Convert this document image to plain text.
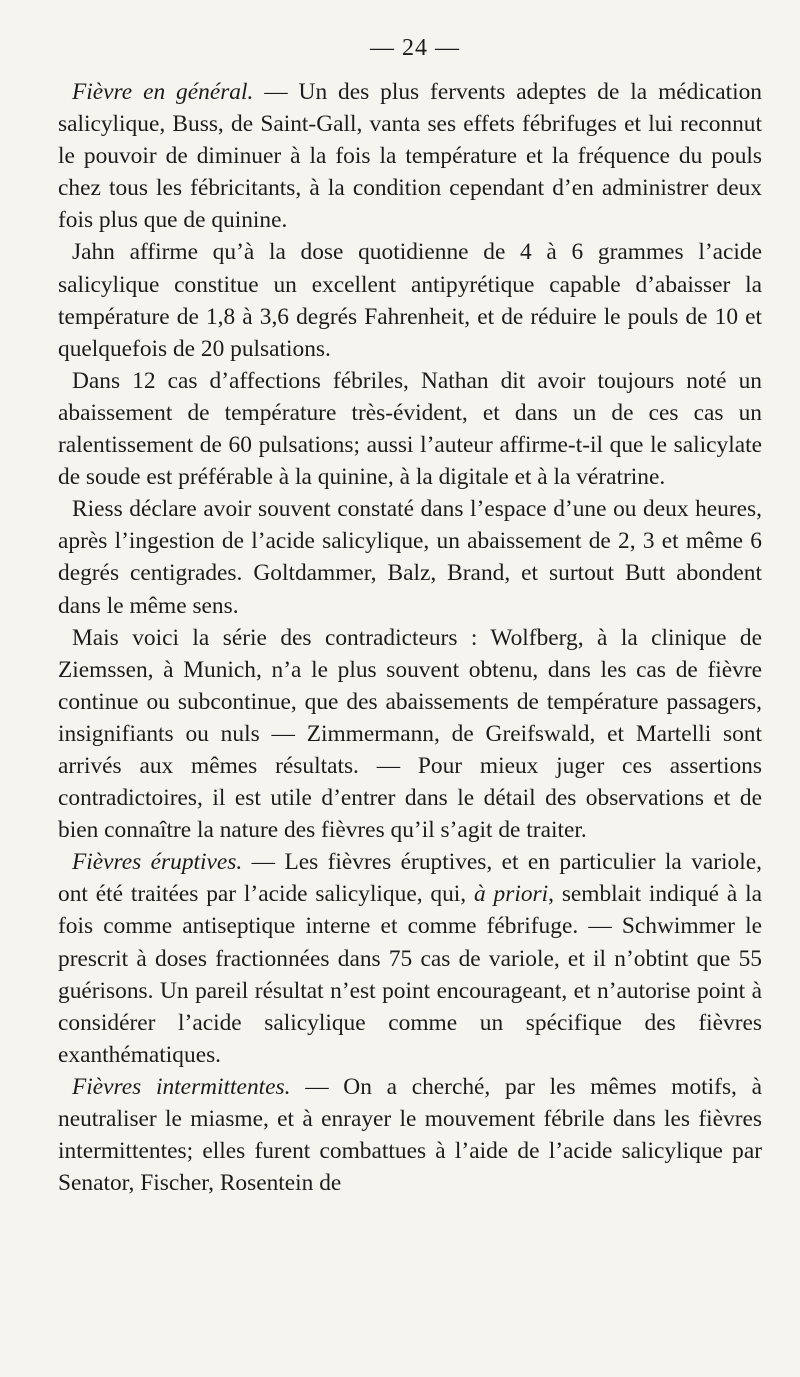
— 24 —

Fièvre en général. — Un des plus fervents adeptes de la médication salicylique, Buss, de Saint-Gall, vanta ses effets fébrifuges et lui reconnut le pouvoir de diminuer à la fois la température et la fréquence du pouls chez tous les fébricitants, à la condition cependant d’en administrer deux fois plus que de quinine.

Jahn affirme qu’à la dose quotidienne de 4 à 6 grammes l’acide salicylique constitue un excellent antipyrétique capable d’abaisser la température de 1,8 à 3,6 degrés Fahrenheit, et de réduire le pouls de 10 et quelquefois de 20 pulsations.

Dans 12 cas d’affections fébriles, Nathan dit avoir toujours noté un abaissement de température très-évident, et dans un de ces cas un ralentissement de 60 pulsations; aussi l’auteur affirme-t-il que le salicylate de soude est préférable à la quinine, à la digitale et à la vératrine.

Riess déclare avoir souvent constaté dans l’espace d’une ou deux heures, après l’ingestion de l’acide salicylique, un abaissement de 2, 3 et même 6 degrés centigrades. Goltdammer, Balz, Brand, et surtout Butt abondent dans le même sens.

Mais voici la série des contradicteurs : Wolfberg, à la clinique de Ziemssen, à Munich, n’a le plus souvent obtenu, dans les cas de fièvre continue ou subcontinue, que des abaissements de température passagers, insignifiants ou nuls — Zimmermann, de Greifswald, et Martelli sont arrivés aux mêmes résultats. — Pour mieux juger ces assertions contradictoires, il est utile d’entrer dans le détail des observations et de bien connaître la nature des fièvres qu’il s’agit de traiter.

Fièvres éruptives. — Les fièvres éruptives, et en particulier la variole, ont été traitées par l’acide salicylique, qui, à priori, semblait indiqué à la fois comme antiseptique interne et comme fébrifuge. — Schwimmer le prescrit à doses fractionnées dans 75 cas de variole, et il n’obtint que 55 guérisons. Un pareil résultat n’est point encourageant, et n’autorise point à considérer l’acide salicylique comme un spécifique des fièvres exanthématiques.

Fièvres intermittentes. — On a cherché, par les mêmes motifs, à neutraliser le miasme, et à enrayer le mouvement fébrile dans les fièvres intermittentes; elles furent combattues à l’aide de l’acide salicylique par Senator, Fischer, Rosentein de
